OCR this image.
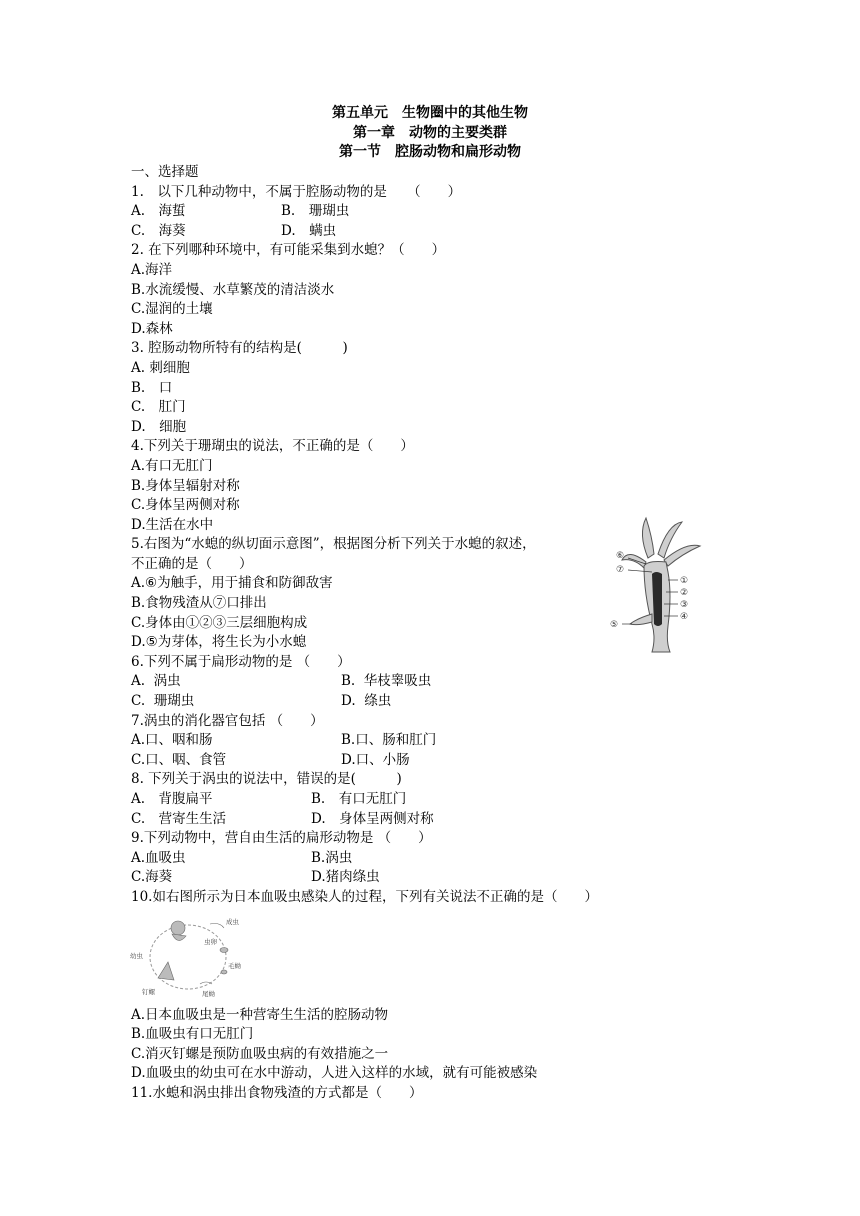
第五单元　生物圈中的其他生物
第一章　动物的主要类群
第一节　腔肠动物和扁形动物
一、选择题
1.　以下几种动物中，不属于腔肠动物的是　　（　　）
A.　海蜇	B.　珊瑚虫
C.　海葵	D.　螨虫
2. 在下列哪种环境中，有可能采集到水螅？（　　）
A.海洋
B.水流缓慢、水草繁茂的清洁淡水
C.湿润的土壤
D.森林
3. 腔肠动物所特有的结构是(　　　)
A. 刺细胞
B.　口
C.　肛门
D.　细胞
4.下列关于珊瑚虫的说法，不正确的是（　　）
A.有口无肛门
B.身体呈辐射对称
C.身体呈两侧对称
D.生活在水中
5.右图为“水螅的纵切面示意图”，根据图分析下列关于水螅的叙述，
不正确的是（　　）
A.⑥为触手，用于捕食和防御敌害
B.食物残渣从⑦口排出
C.身体由①②③三层细胞构成
D.⑤为芽体，将生长为小水螅
6.下列不属于扁形动物的是 （　　）
A.  涡虫	B.  华枝睾吸虫
C.  珊瑚虫	D.  绦虫
7.涡虫的消化器官包括 （　　）
A.口、咽和肠	B.口、肠和肛门
C.口、咽、食管	D.口、小肠
8. 下列关于涡虫的说法中，错误的是(　　　)
A.　背腹扁平	B.　有口无肛门
C.　营寄生生活	D.　身体呈两侧对称
9.下列动物中，营自由生活的扁形动物是 （　　）
A.血吸虫	B.涡虫
C.海葵	D.猪肉绦虫
10.如右图所示为日本血吸虫感染人的过程，下列有关说法不正确的是（　　）
A.日本血吸虫是一种营寄生生活的腔肠动物
B.血吸虫有口无肛门
C.消灭钉螺是预防血吸虫病的有效措施之一
D.血吸虫的幼虫可在水中游动，人进入这样的水域，就有可能被感染
11.水螅和涡虫排出食物残渣的方式都是（　　）
⑥
⑦
①
②
③
④
⑤
成虫
虫卵
毛蚴
幼虫
钉螺	尾蚴
